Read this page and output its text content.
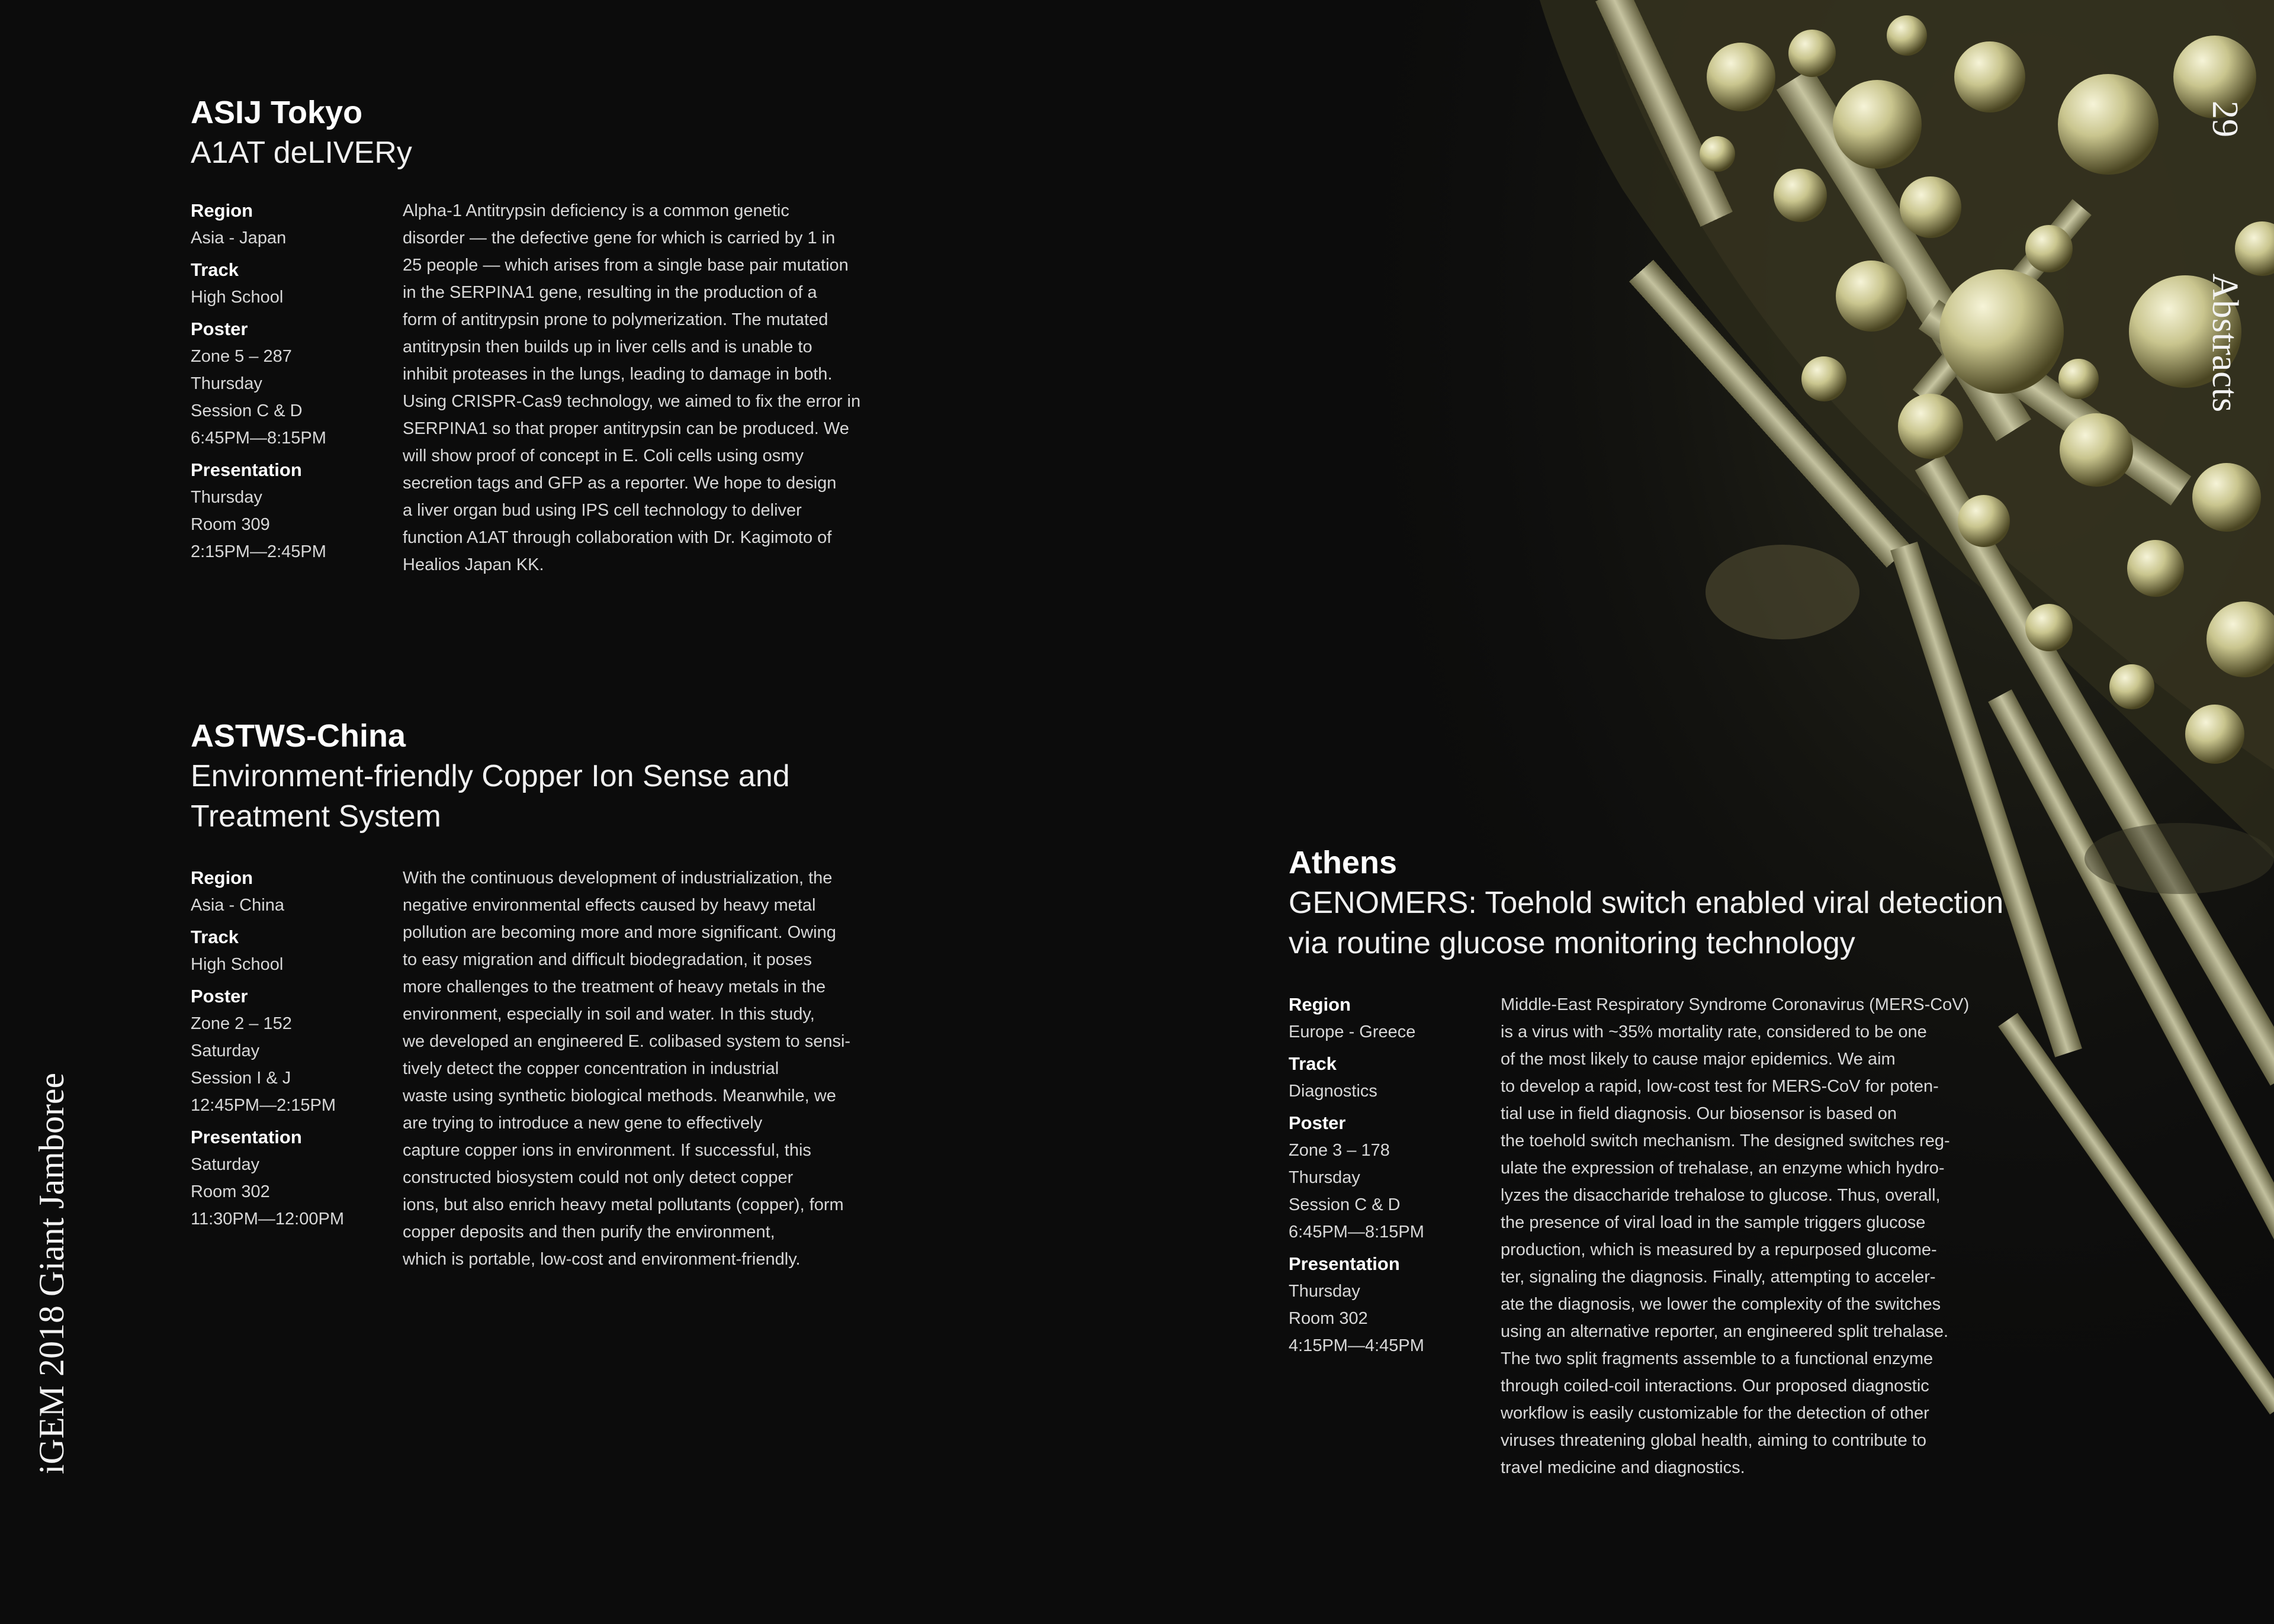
iGEM 2018 Giant Jamboree
29
Abstracts
ASIJ Tokyo
A1AT deLIVERy
Region
Asia - Japan
Track
High School
Poster
Zone 5 – 287
Thursday
Session C & D
6:45PM—8:15PM
Presentation
Thursday
Room 309
2:15PM—2:45PM
Alpha-1 Antitrypsin deficiency is a common genetic
disorder — the defective gene for which is carried by 1 in
25 people — which arises from a single base pair mutation
in the SERPINA1 gene, resulting in the production of a
form of antitrypsin prone to polymerization. The mutated
antitrypsin then builds up in liver cells and is unable to
inhibit proteases in the lungs, leading to damage in both.
Using CRISPR-Cas9 technology, we aimed to fix the error in
SERPINA1 so that proper antitrypsin can be produced. We
will show proof of concept in E. Coli cells using osmy
secretion tags and GFP as a reporter. We hope to design
a liver organ bud using IPS cell technology to deliver
function A1AT through collaboration with Dr. Kagimoto of
Healios Japan KK.
ASTWS-China
Environment-friendly Copper Ion Sense and
Treatment System
Region
Asia - China
Track
High School
Poster
Zone 2 – 152
Saturday
Session I & J
12:45PM—2:15PM
Presentation
Saturday
Room 302
11:30PM—12:00PM
With the continuous development of industrialization, the
negative environmental effects caused by heavy metal
pollution are becoming more and more significant. Owing
to easy migration and difficult biodegradation, it poses
more challenges to the treatment of heavy metals in the
environment, especially in soil and water. In this study,
we developed an engineered E. colibased system to sensi-
tively detect the copper concentration in industrial
waste using synthetic biological methods. Meanwhile, we
are trying to introduce a new gene to effectively
capture copper ions in environment. If successful, this
constructed biosystem could not only detect copper
ions, but also enrich heavy metal pollutants (copper), form
copper deposits and then purify the environment,
which is portable, low-cost and environment-friendly.
Athens
GENOMERS: Toehold switch enabled viral detection
via routine glucose monitoring technology
Region
Europe - Greece
Track
Diagnostics
Poster
Zone 3 – 178
Thursday
Session C & D
6:45PM—8:15PM
Presentation
Thursday
Room 302
4:15PM—4:45PM
Middle-East Respiratory Syndrome Coronavirus (MERS-CoV)
is a virus with ~35% mortality rate, considered to be one
of the most likely to cause major epidemics. We aim
to develop a rapid, low-cost test for MERS-CoV for poten-
tial use in field diagnosis. Our biosensor is based on
the toehold switch mechanism. The designed switches reg-
ulate the expression of trehalase, an enzyme which hydro-
lyzes the disaccharide trehalose to glucose. Thus, overall,
the presence of viral load in the sample triggers glucose
production, which is measured by a repurposed glucome-
ter, signaling the diagnosis. Finally, attempting to acceler-
ate the diagnosis, we lower the complexity of the switches
using an alternative reporter, an engineered split trehalase.
The two split fragments assemble to a functional enzyme
through coiled-coil interactions. Our proposed diagnostic
workflow is easily customizable for the detection of other
viruses threatening global health, aiming to contribute to
travel medicine and diagnostics.
